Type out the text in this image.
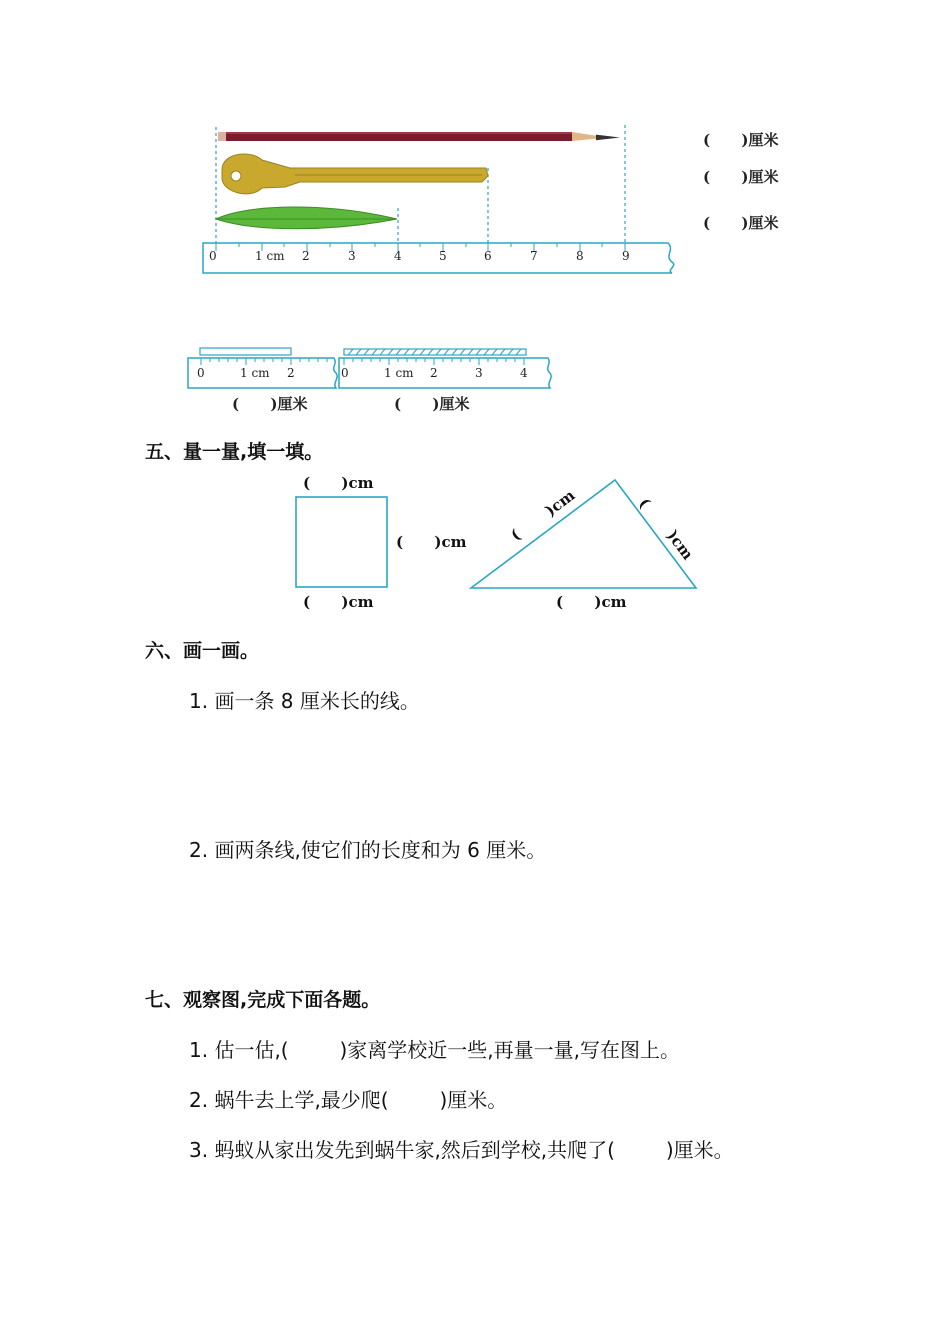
0	1 cm 2	3	4	5	6	7	8	9
(      )厘米
(      )厘米
(      )厘米
0	1 cm 2
(      )厘米
0	1 cm 2	3	4
(      )厘米
五、量一量,填一填。
(      )cm
(      )cm
(      )cm
(
)cm	(
)cm
(      )cm
六、画一画。
1. 画一条 8 厘米长的线。
2. 画两条线,使它们的长度和为 6 厘米。
七、观察图,完成下面各题。
1. 估一估,(        )家离学校近一些,再量一量,写在图上。
2. 蜗牛去上学,最少爬(        )厘米。
3. 蚂蚁从家出发先到蜗牛家,然后到学校,共爬了(        )厘米。
